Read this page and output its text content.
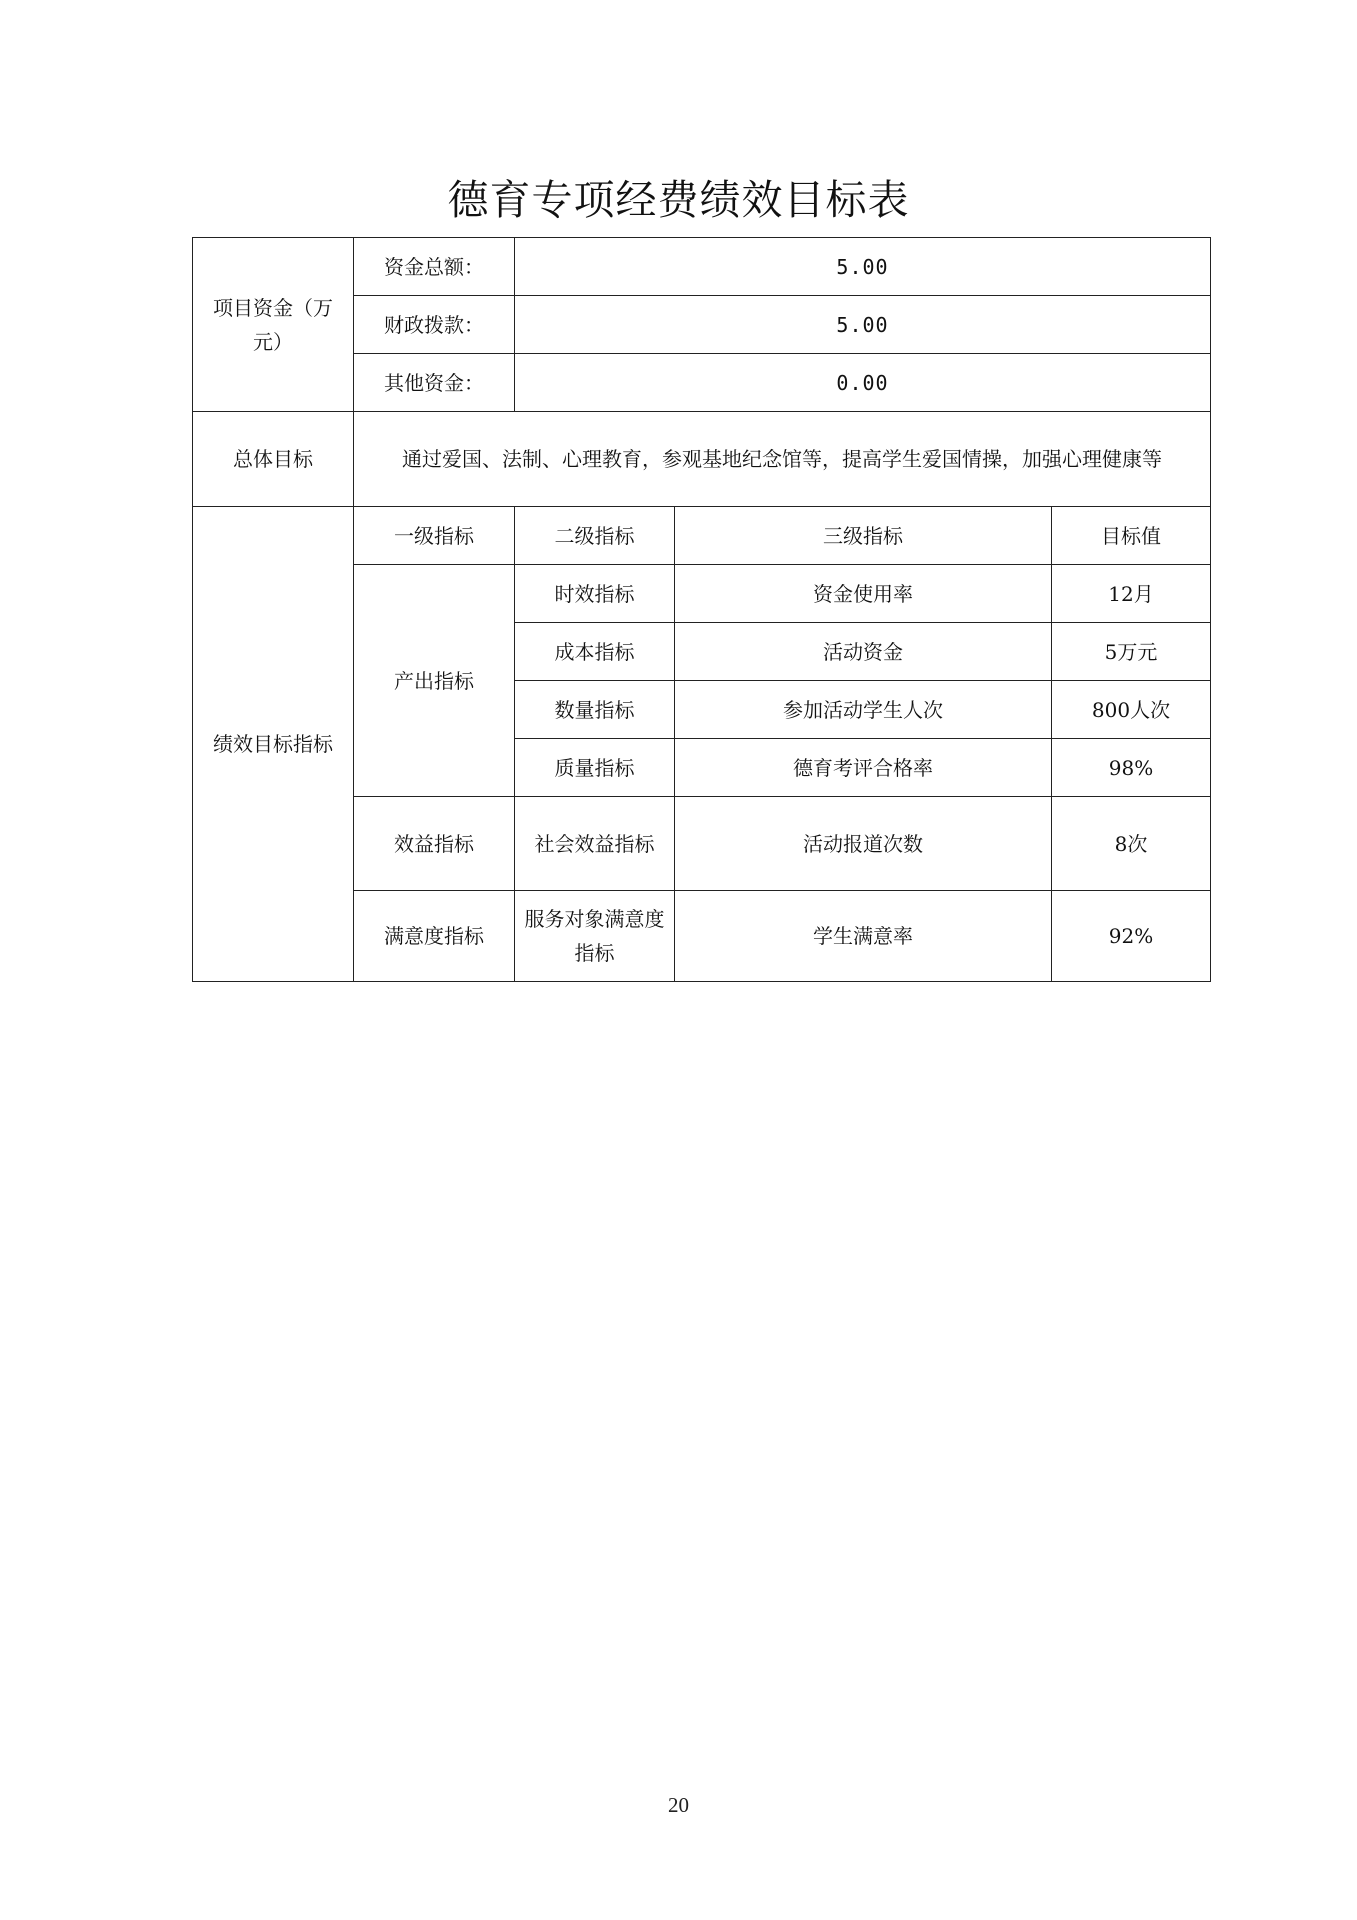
德育专项经费绩效目标表
项目资金（万元）	资金总额：	5.00		
	财政拨款：	5.00		
	其他资金：	0.00		
总体目标	通过爱国、法制、心理教育，参观基地纪念馆等，提高学生爱国情操，加强心理健康等			
绩效目标指标	一级指标	二级指标	三级指标	目标值
	产出指标	时效指标	资金使用率	12月
		成本指标	活动资金	5万元
		数量指标	参加活动学生人次	800人次
		质量指标	德育考评合格率	98%
	效益指标	社会效益指标	活动报道次数	8次
	满意度指标	服务对象满意度指标	学生满意率	92%
20
